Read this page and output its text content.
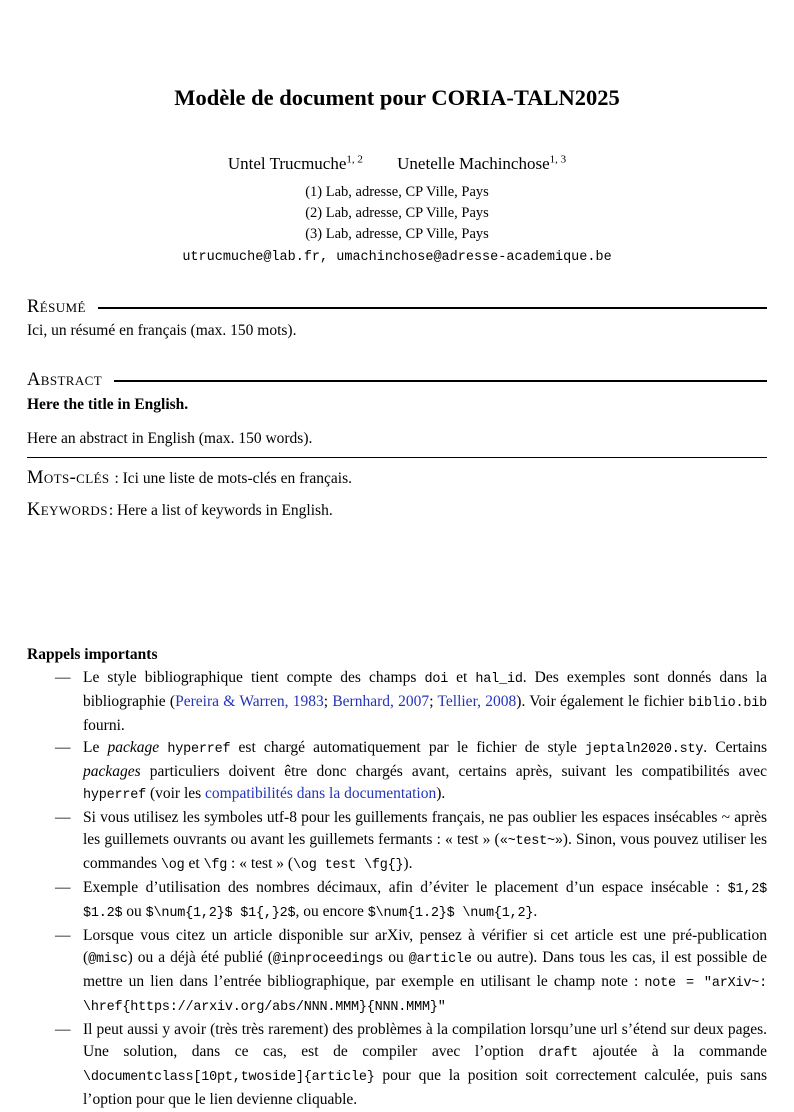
Modèle de document pour CORIA-TALN2025
Untel Trucmuche$^{1, 2}$ Unetelle Machinchose$^{1, 3}$
(1) Lab, adresse, CP Ville, Pays
(2) Lab, adresse, CP Ville, Pays
(3) Lab, adresse, CP Ville, Pays
utrucmuche@lab.fr, umachinchose@adresse-academique.be
Résumé
Ici, un résumé en français (max. 150 mots).
Abstract
Here the title in English.
Here an abstract in English (max. 150 words).
Mots-clés : Ici une liste de mots-clés en français.
Keywords: Here a list of keywords in English.
Rappels importants
— Le style bibliographique tient compte des champs doi et hal_id. Des exemples sont donnés dans la bibliographie (Pereira & Warren, 1983; Bernhard, 2007; Tellier, 2008). Voir également le fichier biblio.bib fourni.
— Le package hyperref est chargé automatiquement par le fichier de style jeptaln2020.sty. Certains packages particuliers doivent être donc chargés avant, certains après, suivant les compatibilités avec hyperref (voir les compatibilités dans la documentation).
— Si vous utilisez les symboles utf-8 pour les guillements français, ne pas oublier les espaces insécables ~ après les guillemets ouvrants ou avant les guillemets fermants : « test » («~test~»). Sinon, vous pouvez utiliser les commandes \og et \fg : « test » (\og test \fg{}).
— Exemple d’utilisation des nombres décimaux, afin d’éviter le placement d’un espace insécable : $1,2$ $1.2$ ou $\num{1,2}$ $1{,}2$, ou encore $\num{1.2}$ \num{1,2}.
— Lorsque vous citez un article disponible sur arXiv, pensez à vérifier si cet article est une pré-publication (@misc) ou a déjà été publié (@inproceedings ou @article ou autre). Dans tous les cas, il est possible de mettre un lien dans l’entrée bibliographique, par exemple en utilisant le champ note : note = "arXiv~: \href{https://arxiv.org/abs/NNN.MMM}{NNN.MMM}"
— Il peut aussi y avoir (très très rarement) des problèmes à la compilation lorsqu’une url s’étend sur deux pages. Une solution, dans ce cas, est de compiler avec l’option draft ajoutée à la commande \documentclass[10pt,twoside]{article} pour que la position soit correctement calculée, puis sans l’option pour que le lien devienne cliquable.
